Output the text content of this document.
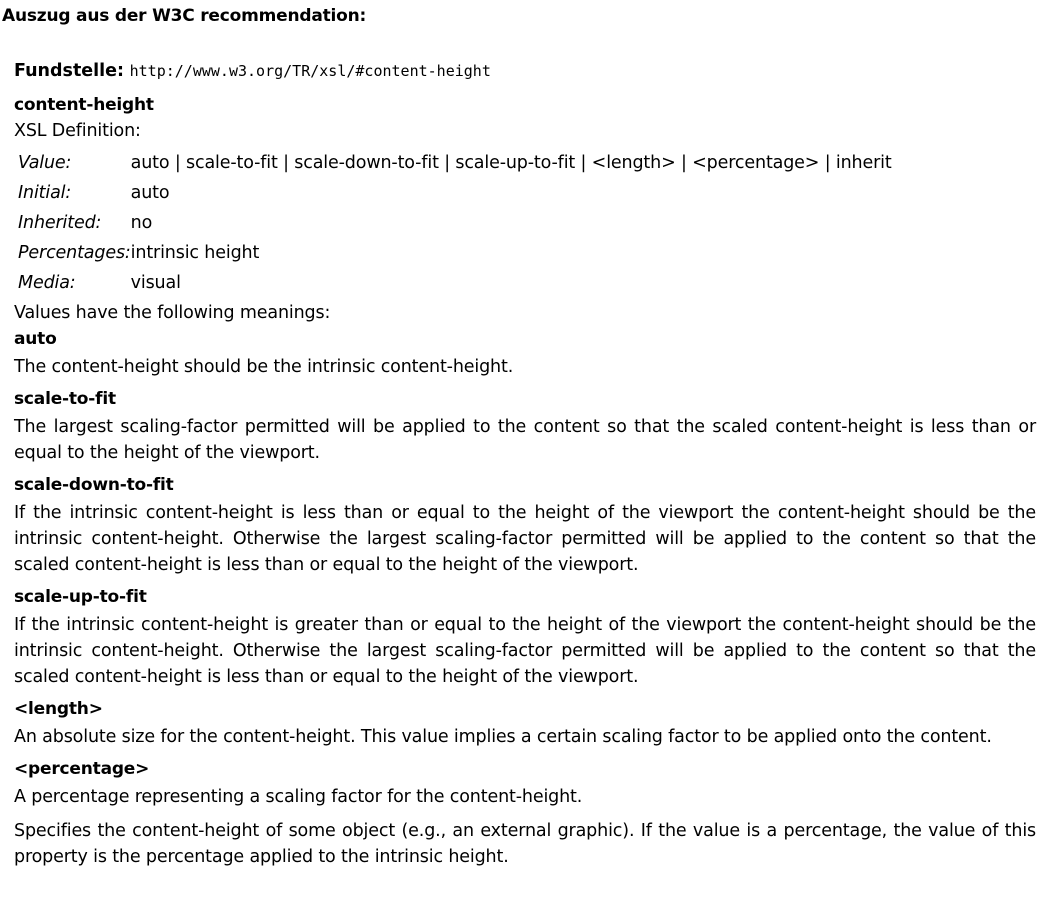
Auszug aus der W3C recommendation:

Fundstelle: http://www.w3.org/TR/xsl/#content-height

content-height

XSL Definition:

Value:	auto | scale-to-fit | scale-down-to-fit | scale-up-to-fit | <length> | <percentage> | inherit
Initial:	auto
Inherited:	no
Percentages:	intrinsic height
Media:	visual

Values have the following meanings:

auto

The content-height should be the intrinsic content-height.

scale-to-fit

The largest scaling-factor permitted will be applied to the content so that the scaled content-height is less than or equal to the height of the viewport.

scale-down-to-fit

If the intrinsic content-height is less than or equal to the height of the viewport the content-height should be the intrinsic content-height. Otherwise the largest scaling-factor permitted will be applied to the content so that the scaled content-height is less than or equal to the height of the viewport.

scale-up-to-fit

If the intrinsic content-height is greater than or equal to the height of the viewport the content-height should be the intrinsic content-height. Otherwise the largest scaling-factor permitted will be applied to the content so that the scaled content-height is less than or equal to the height of the viewport.

<length>

An absolute size for the content-height. This value implies a certain scaling factor to be applied onto the content.

<percentage>

A percentage representing a scaling factor for the content-height.

Specifies the content-height of some object (e.g., an external graphic). If the value is a percentage, the value of this property is the percentage applied to the intrinsic height.
